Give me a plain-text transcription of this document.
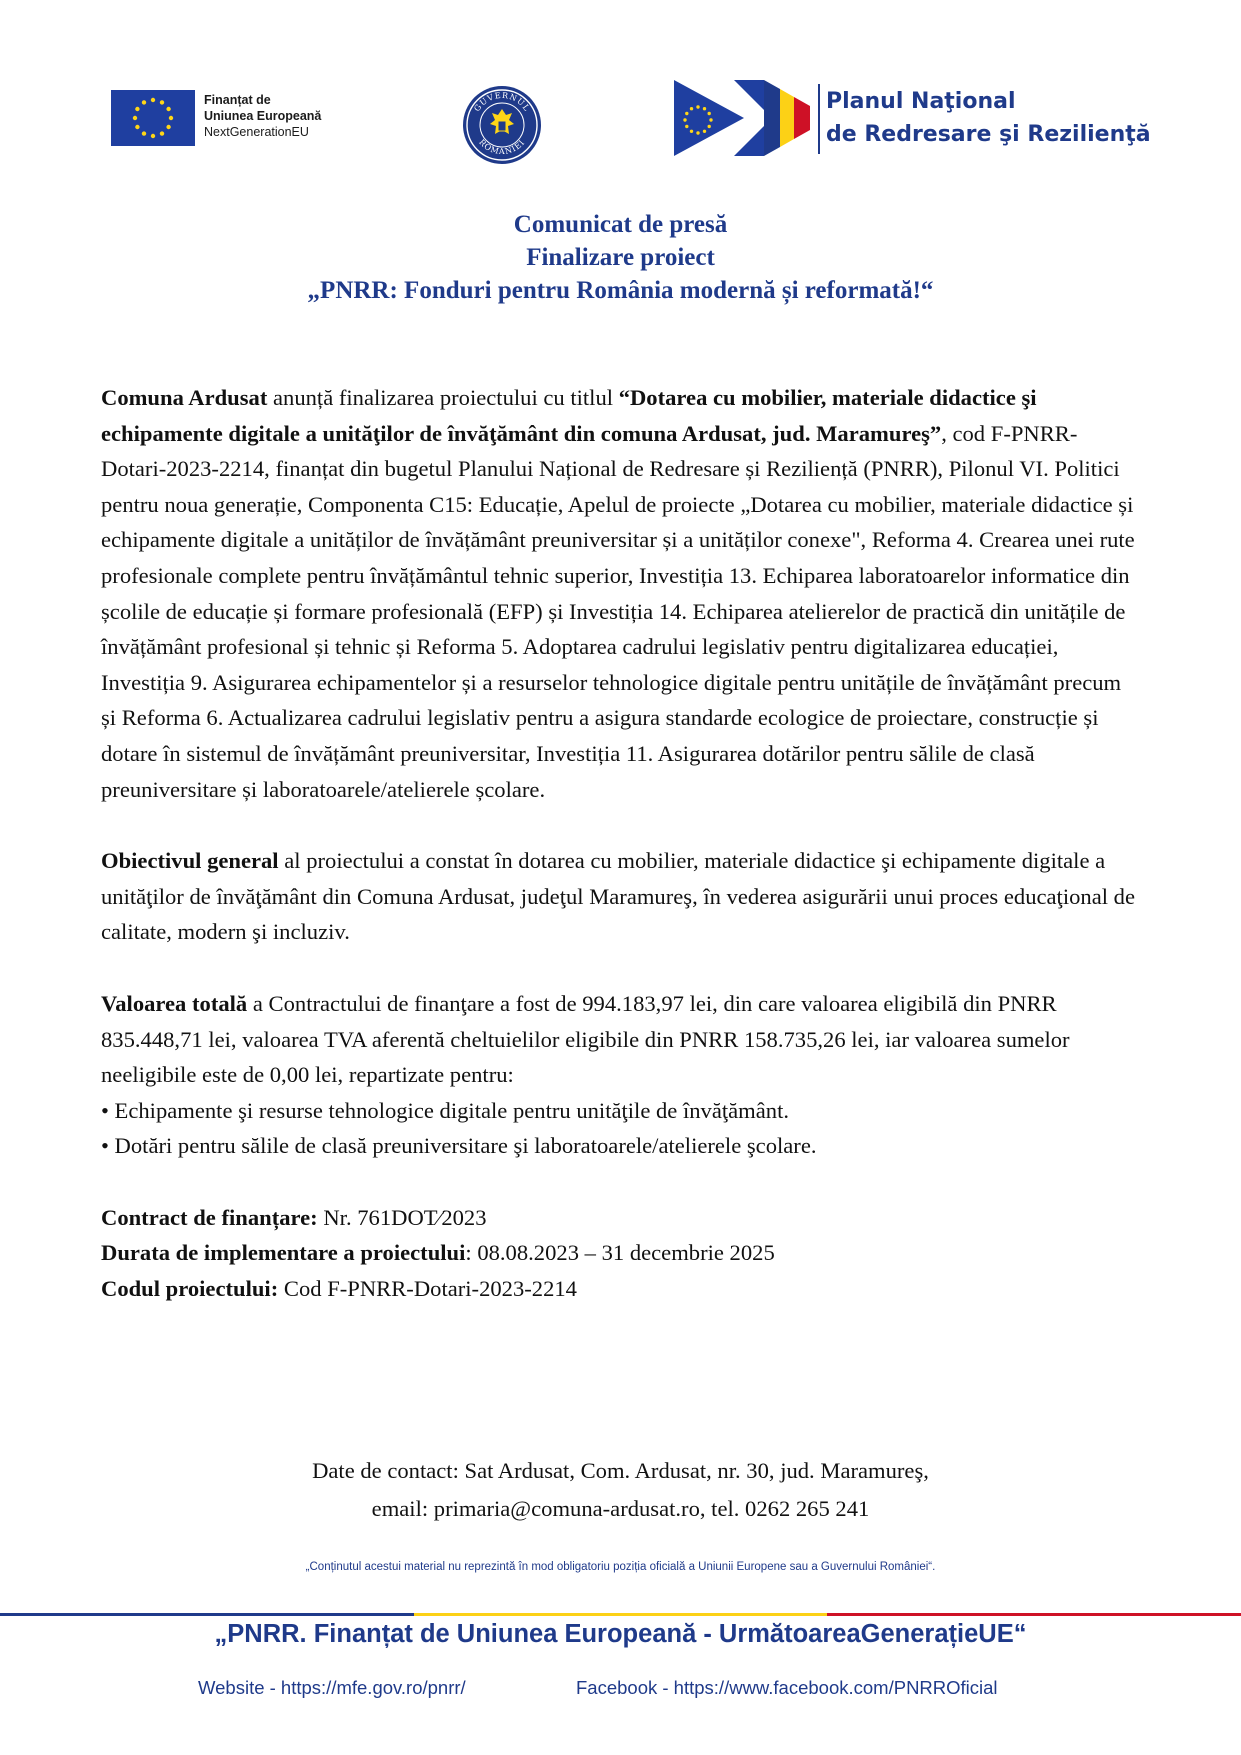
Finanțat de
Uniunea Europeană
NextGenerationEU
GUVERNUL
ROMÂNIEI
Planul Naţional
de Redresare şi Rezilienţă
Comunicat de presă
Finalizare proiect
„PNRR: Fonduri pentru România modernă și reformată!“

Comuna Ardusat anunță finalizarea proiectului cu titlul “Dotarea cu mobilier, materiale didactice şi echipamente digitale a unităţilor de învăţământ din comuna Ardusat, jud. Maramureş”, cod F-PNRR-Dotari-2023-2214, finanțat din bugetul Planului Național de Redresare și Reziliență (PNRR), Pilonul VI. Politici pentru noua generație, Componenta C15: Educație, Apelul de proiecte „Dotarea cu mobilier, materiale didactice și echipamente digitale a unităților de învățământ preuniversitar și a unităților conexe", Reforma 4. Crearea unei rute profesionale complete pentru învățământul tehnic superior, Investiția 13. Echiparea laboratoarelor informatice din școlile de educație și formare profesională (EFP) și Investiția 14. Echiparea atelierelor de practică din unitățile de învățământ profesional și tehnic și Reforma 5. Adoptarea cadrului legislativ pentru digitalizarea educației, Investiția 9. Asigurarea echipamentelor și a resurselor tehnologice digitale pentru unitățile de învățământ precum și Reforma 6. Actualizarea cadrului legislativ pentru a asigura standarde ecologice de proiectare, construcție și dotare în sistemul de învățământ preuniversitar, Investiția 11. Asigurarea dotărilor pentru sălile de clasă preuniversitare și laboratoarele/atelierele școlare.

Obiectivul general al proiectului a constat în dotarea cu mobilier, materiale didactice şi echipamente digitale a unităţilor de învăţământ din Comuna Ardusat, judeţul Maramureş, în vederea asigurării unui proces educaţional de calitate, modern şi incluziv.

Valoarea totală a Contractului de finanţare a fost de 994.183,97 lei, din care valoarea eligibilă din PNRR 835.448,71 lei, valoarea TVA aferentă cheltuielilor eligibile din PNRR 158.735,26 lei, iar valoarea sumelor neeligibile este de 0,00 lei, repartizate pentru:

• Echipamente şi resurse tehnologice digitale pentru unităţile de învăţământ.

• Dotări pentru sălile de clasă preuniversitare şi laboratoarele/atelierele şcolare.

Contract de finanțare: Nr. 761DOT⁄2023

Durata de implementare a proiectului: 08.08.2023 – 31 decembrie 2025

Codul proiectului: Cod F-PNRR-Dotari-2023-2214

Date de contact: Sat Ardusat, Com. Ardusat, nr. 30, jud. Maramureş,
email: primaria@comuna-ardusat.ro, tel. 0262 265 241
„Conținutul acestui material nu reprezintă în mod obligatoriu poziția oficială a Uniunii Europene sau a Guvernului României“.
„PNRR. Finanțat de Uniunea Europeană - UrmătoareaGenerațieUE“
Website - https://mfe.gov.ro/pnrr/	Facebook - https://www.facebook.com/PNRROficial
